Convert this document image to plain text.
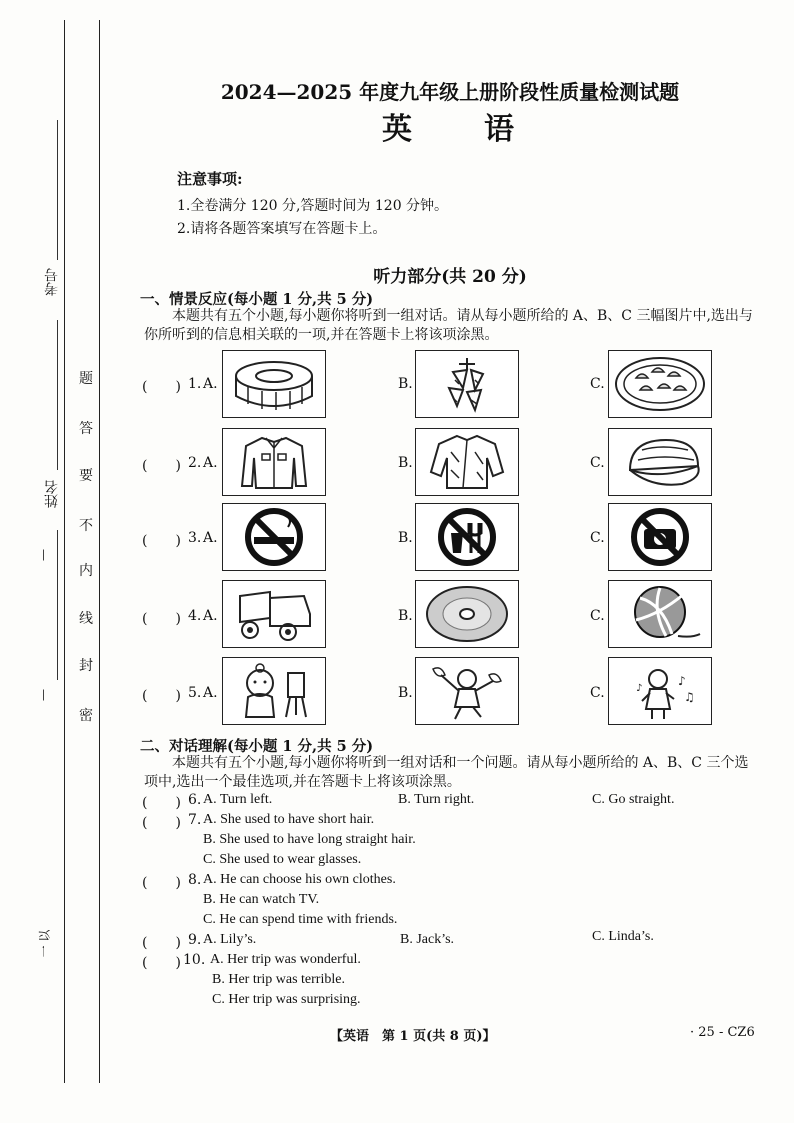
考号
姓名
—
—
一 以
题
答
要
不
内
线
封
密
2024—2025 年度九年级上册阶段性质量检测试题
英　　语
注意事项:
1.全卷满分 120 分,答题时间为 120 分钟。
2.请将各题答案填写在答题卡上。
听力部分(共 20 分)
一、情景反应(每小题 1 分,共 5 分)
本题共有五个小题,每小题你将听到一组对话。请从每小题所给的 A、B、C 三幅图片中,选出与你所听到的信息相关联的一项,并在答题卡上将该项涂黑。
(　　) 1. A.	B.	C.
(　　) 2. A.	B.	C.
(　　) 3. A.	B.	C.
(　　) 4. A.	B.	C.
(　　) 5. A.	B.	C.
♪
♫
♪
二、对话理解(每小题 1 分,共 5 分)
本题共有五个小题,每小题你将听到一组对话和一个问题。请从每小题所给的 A、B、C 三个选项中,选出一个最佳选项,并在答题卡上将该项涂黑。
(　　) 6. A. Turn left.	B. Turn right.	C. Go straight.
(　　) 7. A. She used to have short hair.
B. She used to have long straight hair.
C. She used to wear glasses.
(　　) 8. A. He can choose his own clothes.
B. He can watch TV.
C. He can spend time with friends.
(　　) 9. A. Lily’s.	B. Jack’s.	C. Linda’s.
(　　) 10. A. Her trip was wonderful.
B. Her trip was terrible.
C. Her trip was surprising.
【英语　第 1 页(共 8 页)】	· 25 - CZ6
